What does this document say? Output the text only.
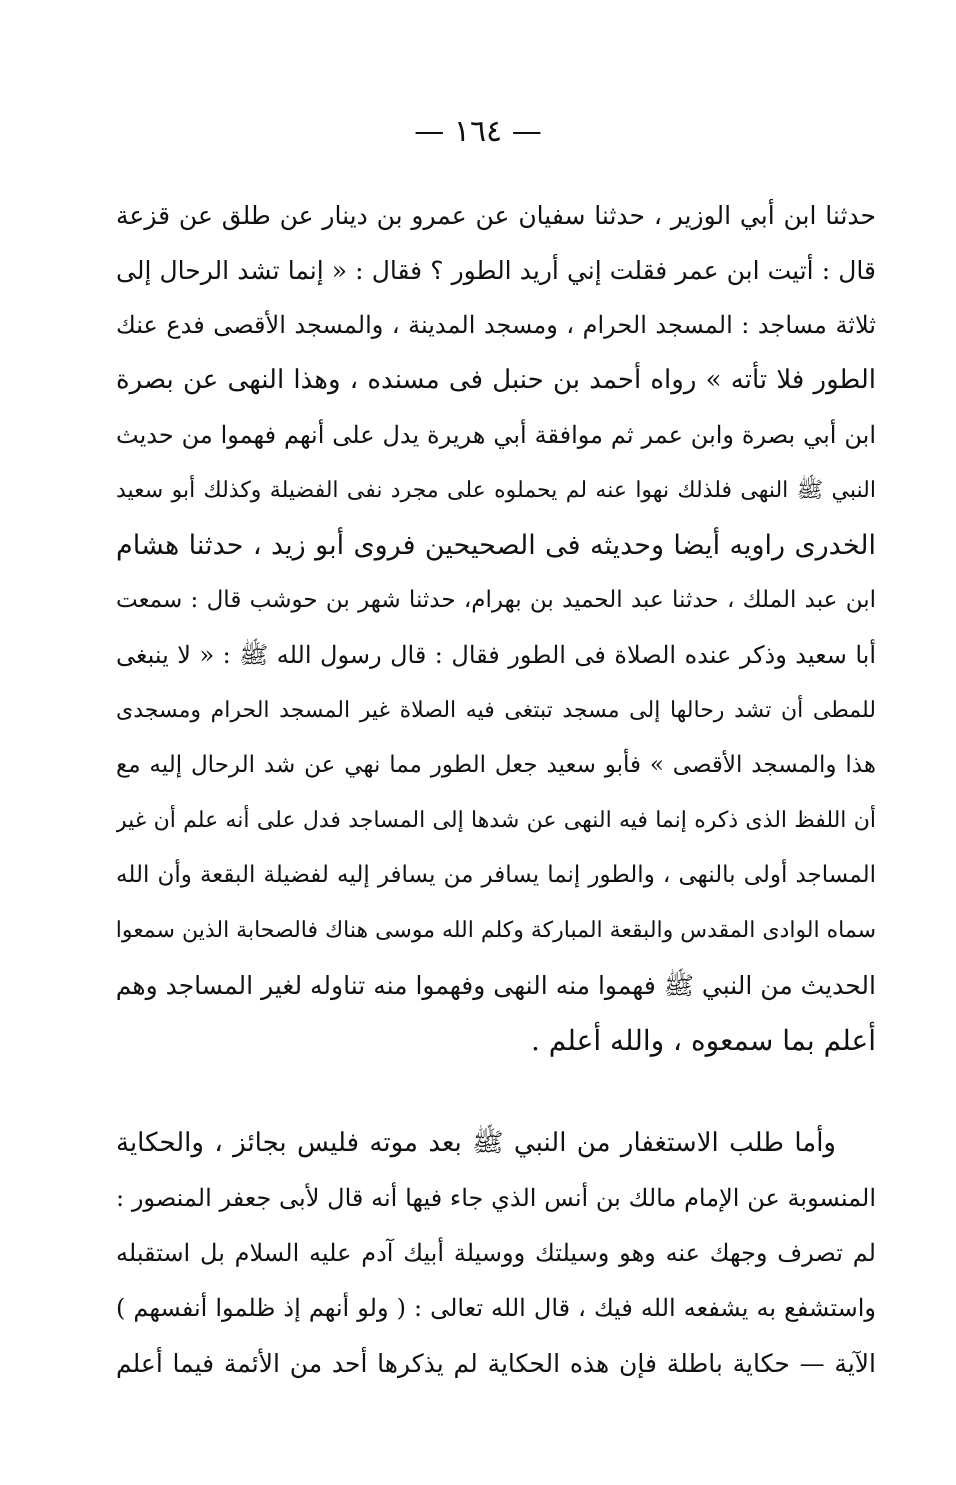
— ١٦٤ —
حدثنا ابن أبي الوزير ، حدثنا سفيان عن عمرو بن دينار عن طلق عن قزعة
قال : أتيت ابن عمر فقلت إني أريد الطور ؟ فقال : « إنما تشد الرحال إلى
ثلاثة مساجد : المسجد الحرام ، ومسجد المدينة ، والمسجد الأقصى فدع عنك
الطور فلا تأته » رواه أحمد بن حنبل فى مسنده ، وهذا النهى عن بصرة
ابن أبي بصرة وابن عمر ثم موافقة أبي هريرة يدل على أنهم فهموا من حديث
النبي ﷺ النهى فلذلك نهوا عنه لم يحملوه على مجرد نفى الفضيلة وكذلك أبو سعيد
الخدرى راويه أيضا وحديثه فى الصحيحين فروى أبو زيد ، حدثنا هشام
ابن عبد الملك ، حدثنا عبد الحميد بن بهرام، حدثنا شهر بن حوشب قال : سمعت
أبا سعيد وذكر عنده الصلاة فى الطور فقال : قال رسول الله ﷺ : « لا ينبغى
للمطى أن تشد رحالها إلى مسجد تبتغى فيه الصلاة غير المسجد الحرام ومسجدى
هذا والمسجد الأقصى » فأبو سعيد جعل الطور مما نهي عن شد الرحال إليه مع
أن اللفظ الذى ذكره إنما فيه النهى عن شدها إلى المساجد فدل على أنه علم أن غير
المساجد أولى بالنهى ، والطور إنما يسافر من يسافر إليه لفضيلة البقعة وأن الله
سماه الوادى المقدس والبقعة المباركة وكلم الله موسى هناك فالصحابة الذين سمعوا
الحديث من النبي ﷺ فهموا منه النهى وفهموا منه تناوله لغير المساجد وهم
أعلم بما سمعوه ، والله أعلم .
وأما طلب الاستغفار من النبي ﷺ بعد موته فليس بجائز ، والحكاية
المنسوبة عن الإمام مالك بن أنس الذي جاء فيها أنه قال لأبى جعفر المنصور :
لم تصرف وجهك عنه وهو وسيلتك ووسيلة أبيك آدم عليه السلام بل استقبله
واستشفع به يشفعه الله فيك ، قال الله تعالى : ( ولو أنهم إذ ظلموا أنفسهم )
الآية — حكاية باطلة فإن هذه الحكاية لم يذكرها أحد من الأئمة فيما أعلم
